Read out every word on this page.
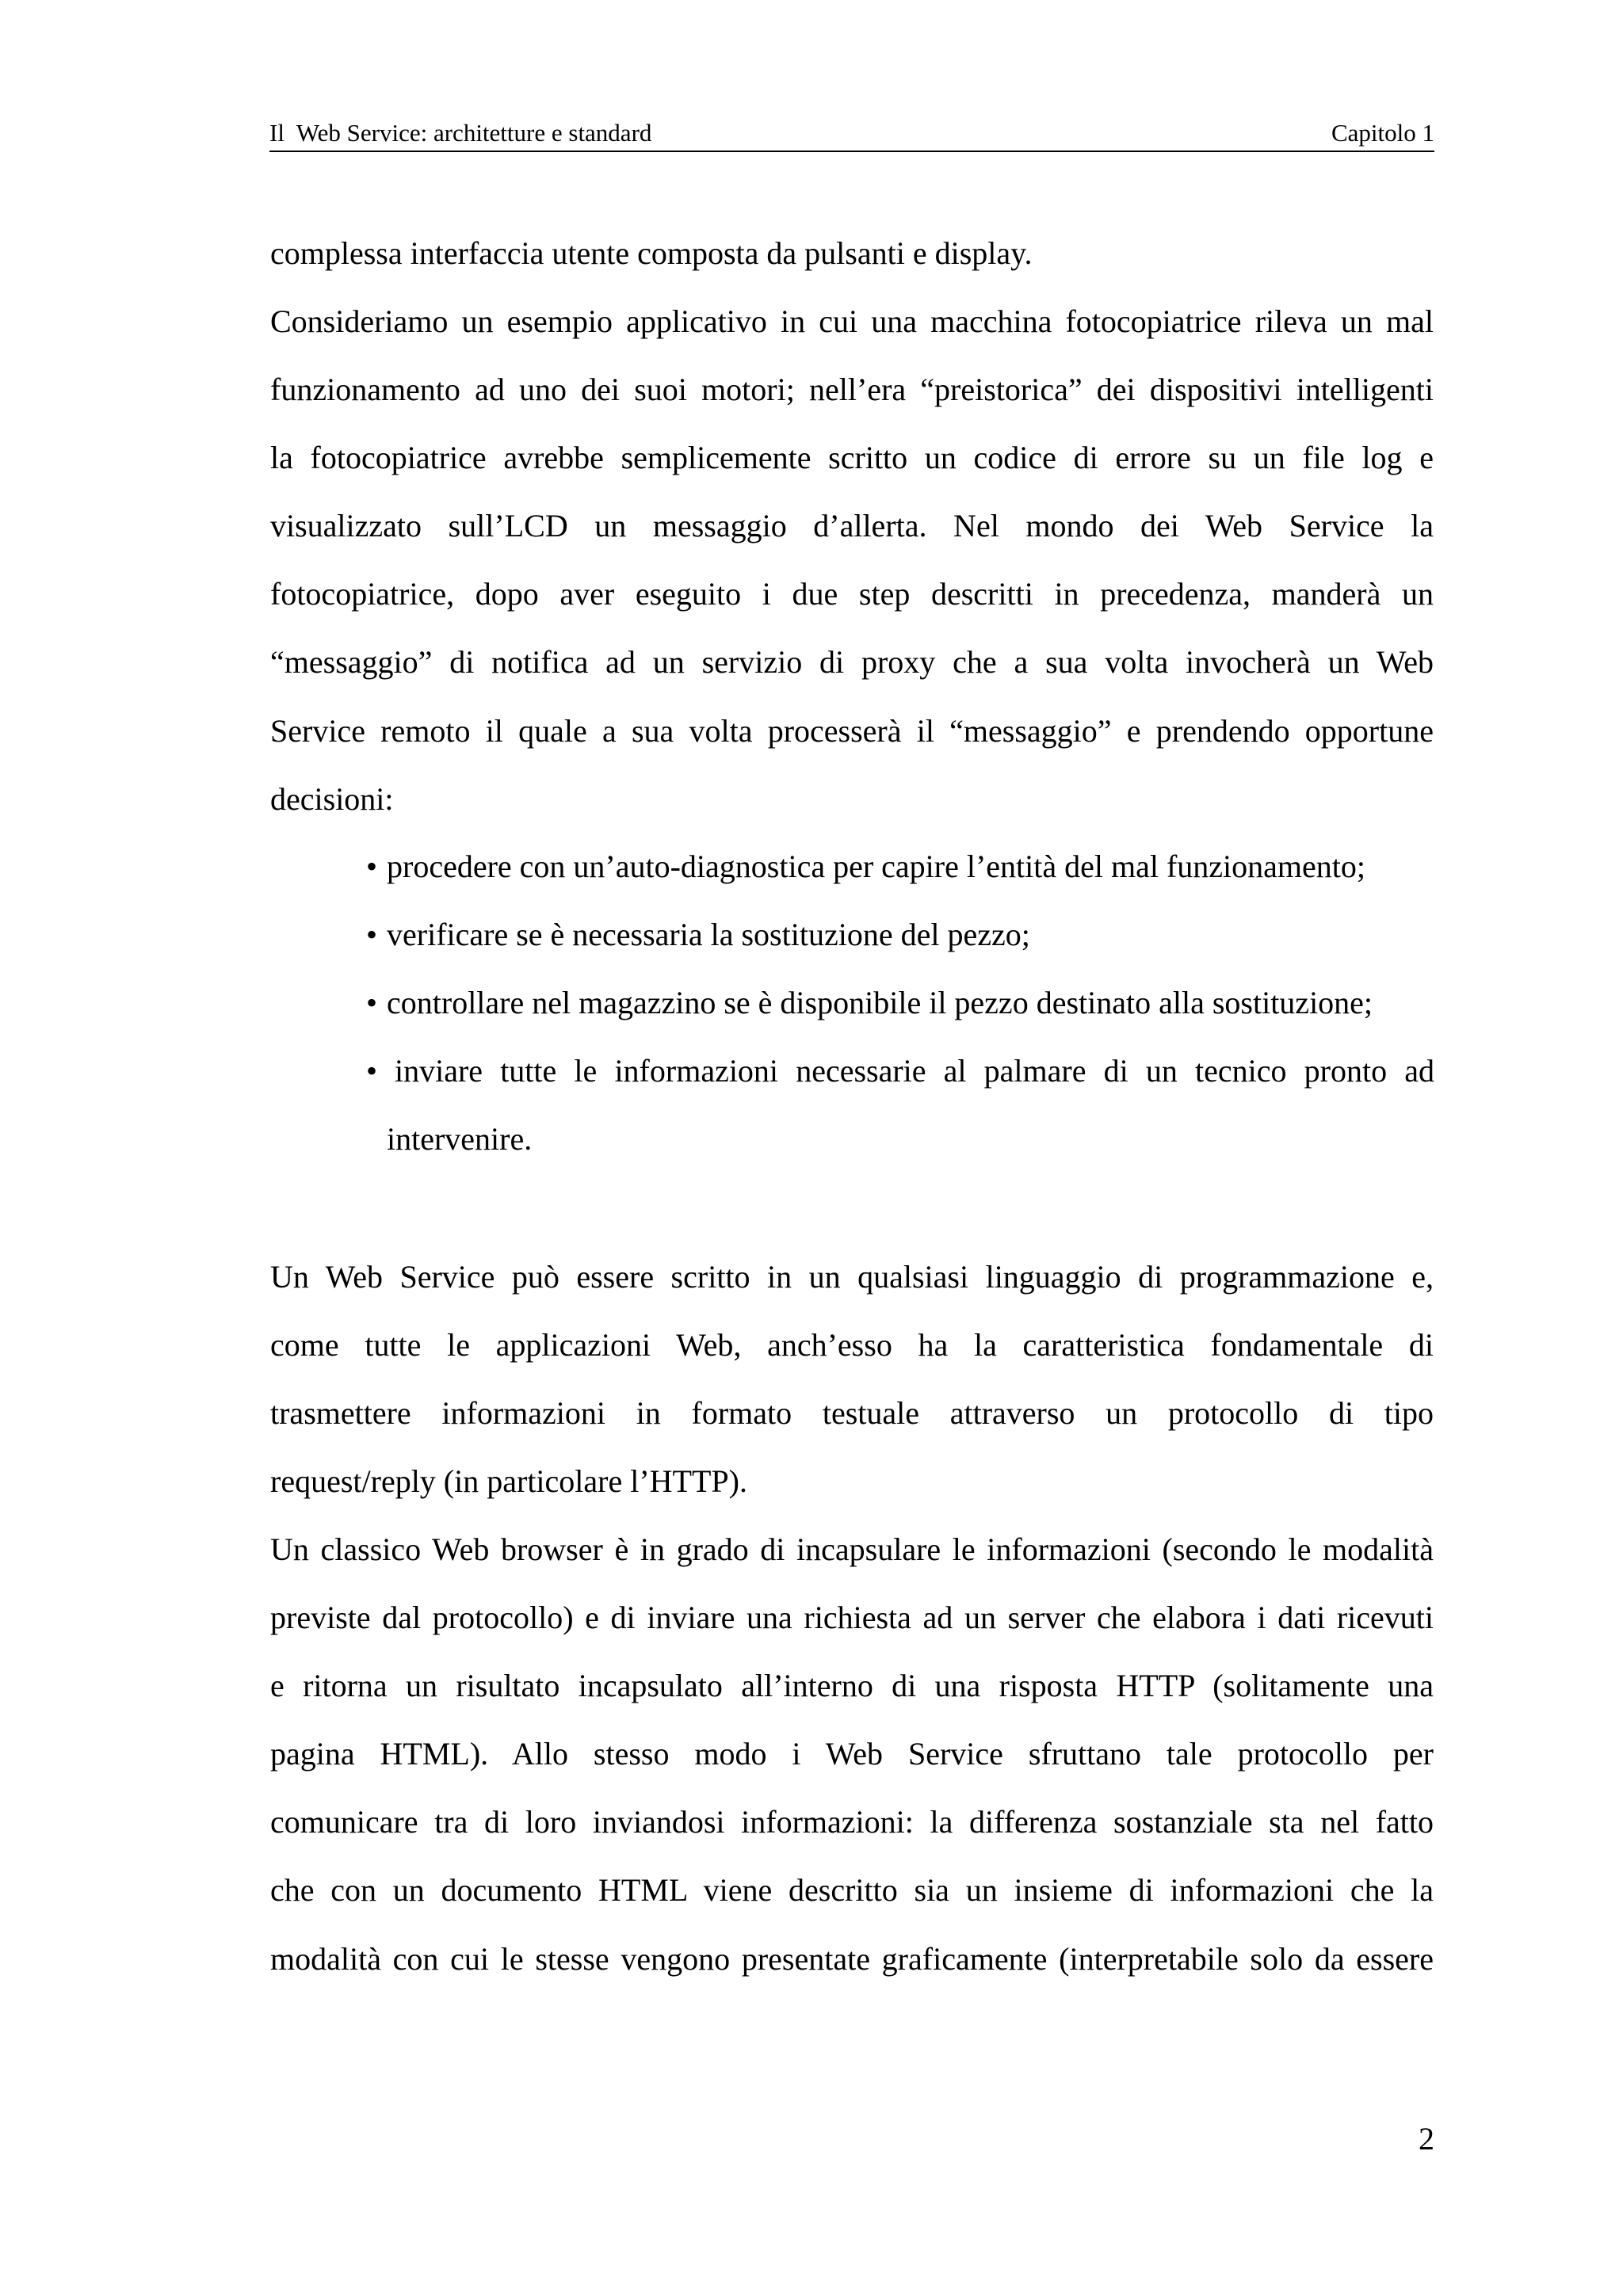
Il  Web Service: architetture e standard	Capitolo 1
complessa interfaccia utente composta da pulsanti e display.
Consideriamo un esempio applicativo in cui una macchina fotocopiatrice rileva un mal
funzionamento ad uno dei suoi motori; nell’era “preistorica” dei dispositivi intelligenti
la fotocopiatrice avrebbe semplicemente scritto un codice di errore su un file log e
visualizzato sull’LCD un messaggio d’allerta. Nel mondo dei Web Service la
fotocopiatrice, dopo aver eseguito i due step descritti in precedenza, manderà un
“messaggio” di notifica ad un servizio di proxy che a sua volta invocherà un Web
Service remoto il quale a sua volta processerà il “messaggio” e prendendo opportune
decisioni:
• procedere con un’auto-diagnostica per capire l’entità del mal funzionamento;
• verificare se è necessaria la sostituzione del pezzo;
• controllare nel magazzino se è disponibile il pezzo destinato alla sostituzione;
• inviare tutte le informazioni necessarie al palmare di un tecnico pronto ad
intervenire.
Un Web Service può essere scritto in un qualsiasi linguaggio di programmazione e,
come tutte le applicazioni Web, anch’esso ha la caratteristica fondamentale di
trasmettere informazioni in formato testuale attraverso un protocollo di tipo
request/reply (in particolare l’HTTP).
Un classico Web browser è in grado di incapsulare le informazioni (secondo le modalità
previste dal protocollo) e di inviare una richiesta ad un server che elabora i dati ricevuti
e ritorna un risultato incapsulato all’interno di una risposta HTTP (solitamente una
pagina HTML). Allo stesso modo i Web Service sfruttano tale protocollo per
comunicare tra di loro inviandosi informazioni: la differenza sostanziale sta nel fatto
che con un documento HTML viene descritto sia un insieme di informazioni che la
modalità con cui le stesse vengono presentate graficamente (interpretabile solo da essere
2
